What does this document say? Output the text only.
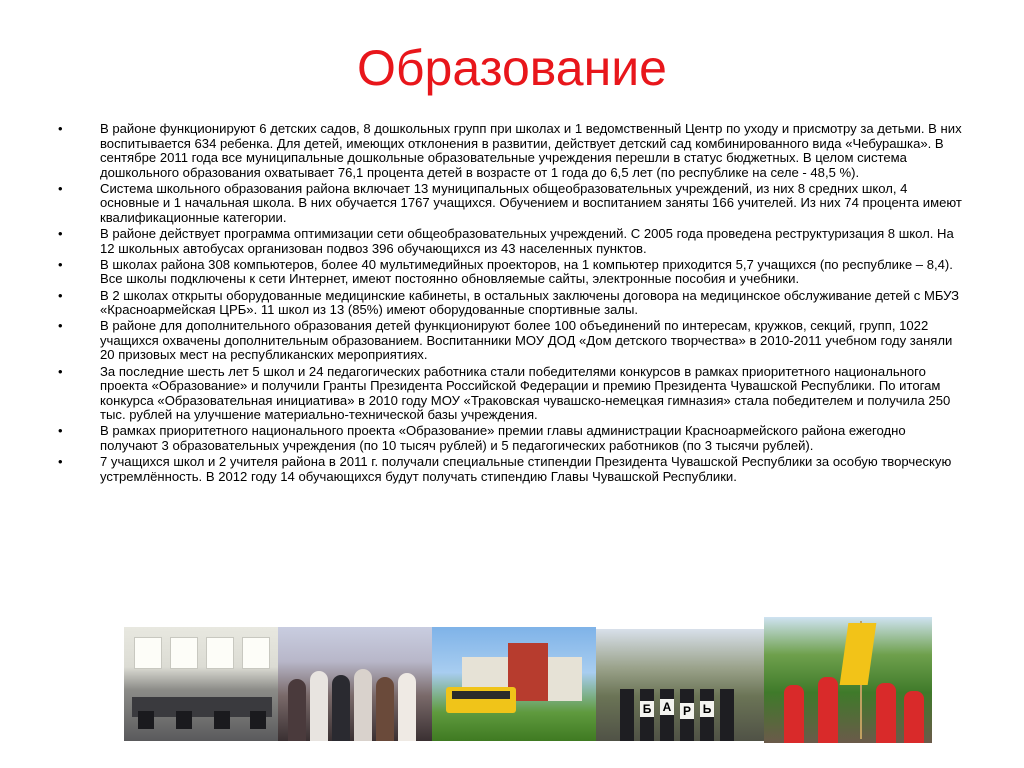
Образование
•	В районе функционируют 6 детских садов, 8 дошкольных групп при школах и 1 ведомственный Центр по уходу и присмотру за детьми. В них воспитывается 634 ребенка. Для детей, имеющих отклонения в развитии, действует детский сад комбинированного вида «Чебурашка». В сентябре 2011 года все муниципальные дошкольные образовательные учреждения перешли в статус бюджетных. В целом система дошкольного образования охватывает 76,1 процента детей в возрасте от 1 года до 6,5 лет (по республике на селе - 48,5 %).
•	Система школьного образования района включает 13 муниципальных общеобразовательных учреждений, из них 8 средних школ, 4 основные и 1 начальная школа. В них обучается 1767 учащихся. Обучением и воспитанием заняты 166 учителей. Из них 74 процента имеют квалификационные категории.
•	В районе действует программа оптимизации сети общеобразовательных учреждений. С 2005 года проведена реструктуризация 8 школ. На 12 школьных автобусах организован подвоз 396 обучающихся из 43 населенных пунктов.
•	В школах района 308 компьютеров, более 40 мультимедийных проекторов, на 1 компьютер приходится 5,7 учащихся (по республике – 8,4). Все школы подключены к сети Интернет, имеют постоянно обновляемые сайты, электронные пособия и учебники.
•	В 2 школах открыты оборудованные медицинские кабинеты, в остальных заключены договора на медицинское обслуживание детей с МБУЗ «Красноармейская ЦРБ». 11 школ из 13 (85%) имеют оборудованные спортивные залы.
•	В районе для дополнительного образования детей функционируют более 100 объединений по интересам, кружков, секций, групп, 1022 учащихся охвачены дополнительным образованием. Воспитанники МОУ ДОД «Дом детского творчества» в 2010-2011 учебном году заняли 20 призовых мест на республиканских мероприятиях.
•	За последние шесть лет 5 школ и 24 педагогических работника стали победителями конкурсов в рамках приоритетного национального проекта «Образование» и получили Гранты Президента Российской Федерации и премию Президента Чувашской Республики. По итогам конкурса «Образовательная инициатива» в 2010 году МОУ «Траковская чувашско-немецкая гимназия» стала победителем и получила 250 тыс. рублей на улучшение материально-технической базы учреждения.
•	В рамках приоритетного национального проекта «Образование» премии главы администрации Красноармейского района ежегодно получают 3 образовательных учреждения (по 10 тысяч рублей) и 5 педагогических работников (по 3 тысячи рублей).
•	7 учащихся школ и 2 учителя района в 2011 г. получали специальные стипендии Президента Чувашской Республики за особую творческую устремлённость. В 2012 году 14 обучающихся будут получать стипендию Главы Чувашской Республики.
Б А Р Ь
